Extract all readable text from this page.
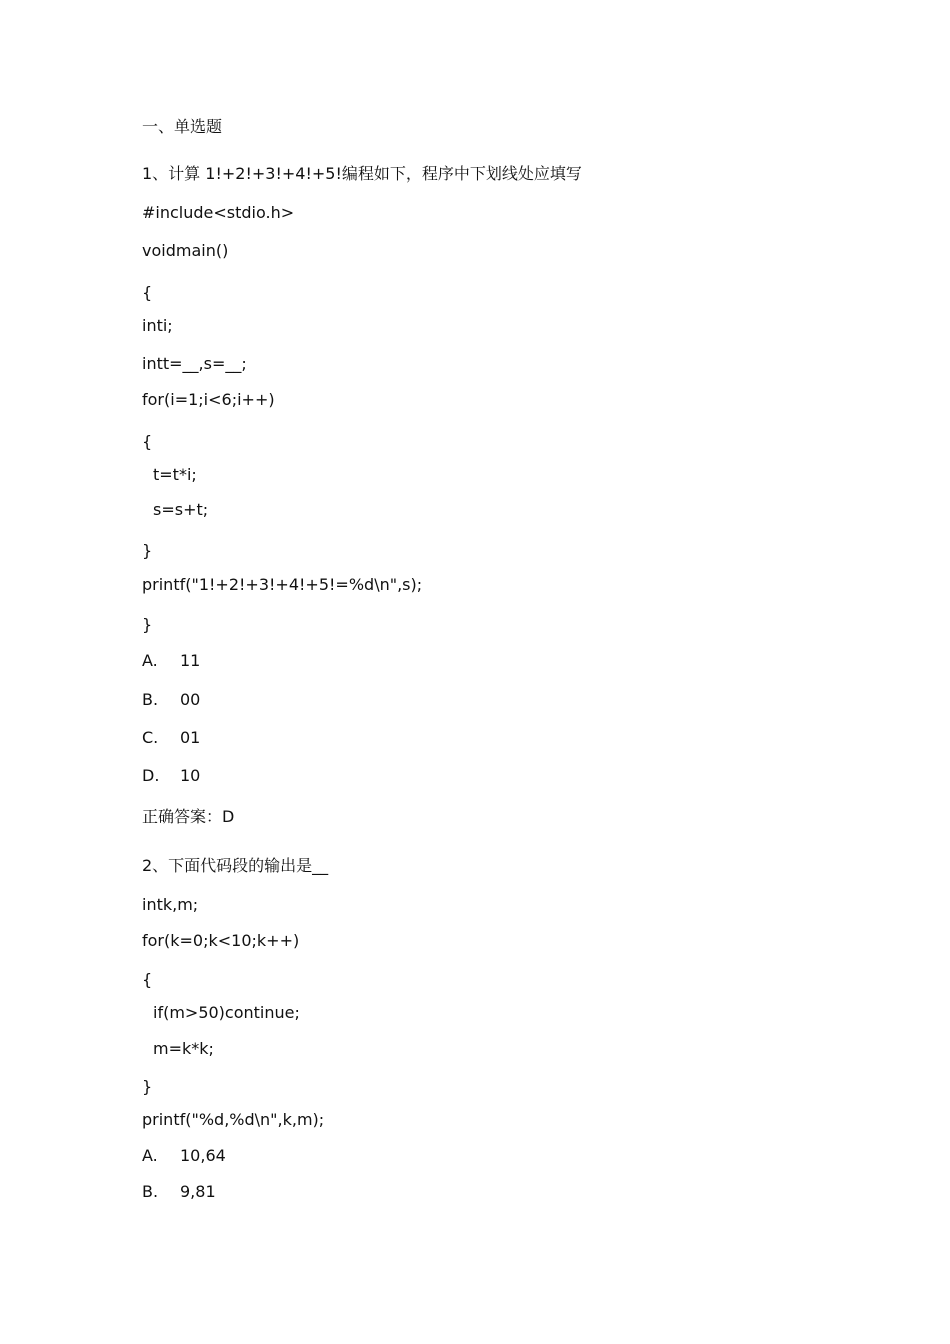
一、单选题
1、计算 1!+2!+3!+4!+5!编程如下，程序中下划线处应填写
#include<stdio.h>
voidmain()
{
inti;
intt=__,s=__;
for(i=1;i<6;i++)
{
t=t*i;
s=s+t;
}
printf("1!+2!+3!+4!+5!=%d\n",s);
}
A. 11
B. 00
C. 01
D. 10
正确答案：D
2、下面代码段的输出是__
intk,m;
for(k=0;k<10;k++)
{
if(m>50)continue;
m=k*k;
}
printf("%d,%d\n",k,m);
A. 10,64
B. 9,81
